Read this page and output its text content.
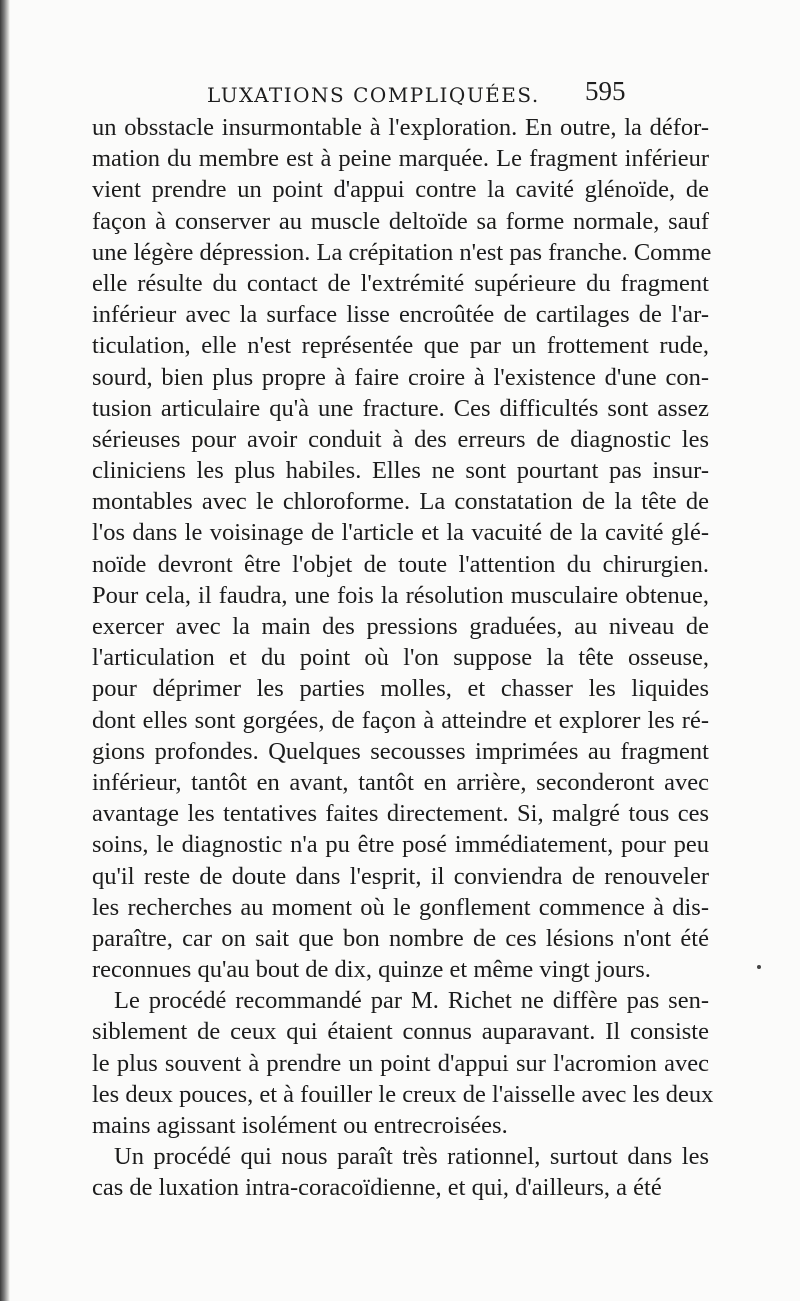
LUXATIONS COMPLIQUÉES. 595
un obsstacle insurmontable à l'exploration. En outre, la défor-
mation du membre est à peine marquée. Le fragment inférieur
vient prendre un point d'appui contre la cavité glénoïde, de
façon à conserver au muscle deltoïde sa forme normale, sauf
une légère dépression. La crépitation n'est pas franche. Comme
elle résulte du contact de l'extrémité supérieure du fragment
inférieur avec la surface lisse encroûtée de cartilages de l'ar-
ticulation, elle n'est représentée que par un frottement rude,
sourd, bien plus propre à faire croire à l'existence d'une con-
tusion articulaire qu'à une fracture. Ces difficultés sont assez
sérieuses pour avoir conduit à des erreurs de diagnostic les
cliniciens les plus habiles. Elles ne sont pourtant pas insur-
montables avec le chloroforme. La constatation de la tête de
l'os dans le voisinage de l'article et la vacuité de la cavité glé-
noïde devront être l'objet de toute l'attention du chirurgien.
Pour cela, il faudra, une fois la résolution musculaire obtenue,
exercer avec la main des pressions graduées, au niveau de
l'articulation et du point où l'on suppose la tête osseuse,
pour déprimer les parties molles, et chasser les liquides
dont elles sont gorgées, de façon à atteindre et explorer les ré-
gions profondes. Quelques secousses imprimées au fragment
inférieur, tantôt en avant, tantôt en arrière, seconderont avec
avantage les tentatives faites directement. Si, malgré tous ces
soins, le diagnostic n'a pu être posé immédiatement, pour peu
qu'il reste de doute dans l'esprit, il conviendra de renouveler
les recherches au moment où le gonflement commence à dis-
paraître, car on sait que bon nombre de ces lésions n'ont été
reconnues qu'au bout de dix, quinze et même vingt jours.
Le procédé recommandé par M. Richet ne diffère pas sen-
siblement de ceux qui étaient connus auparavant. Il consiste
le plus souvent à prendre un point d'appui sur l'acromion avec
les deux pouces, et à fouiller le creux de l'aisselle avec les deux
mains agissant isolément ou entrecroisées.
Un procédé qui nous paraît très rationnel, surtout dans les
cas de luxation intra-coracoïdienne, et qui, d'ailleurs, a été
